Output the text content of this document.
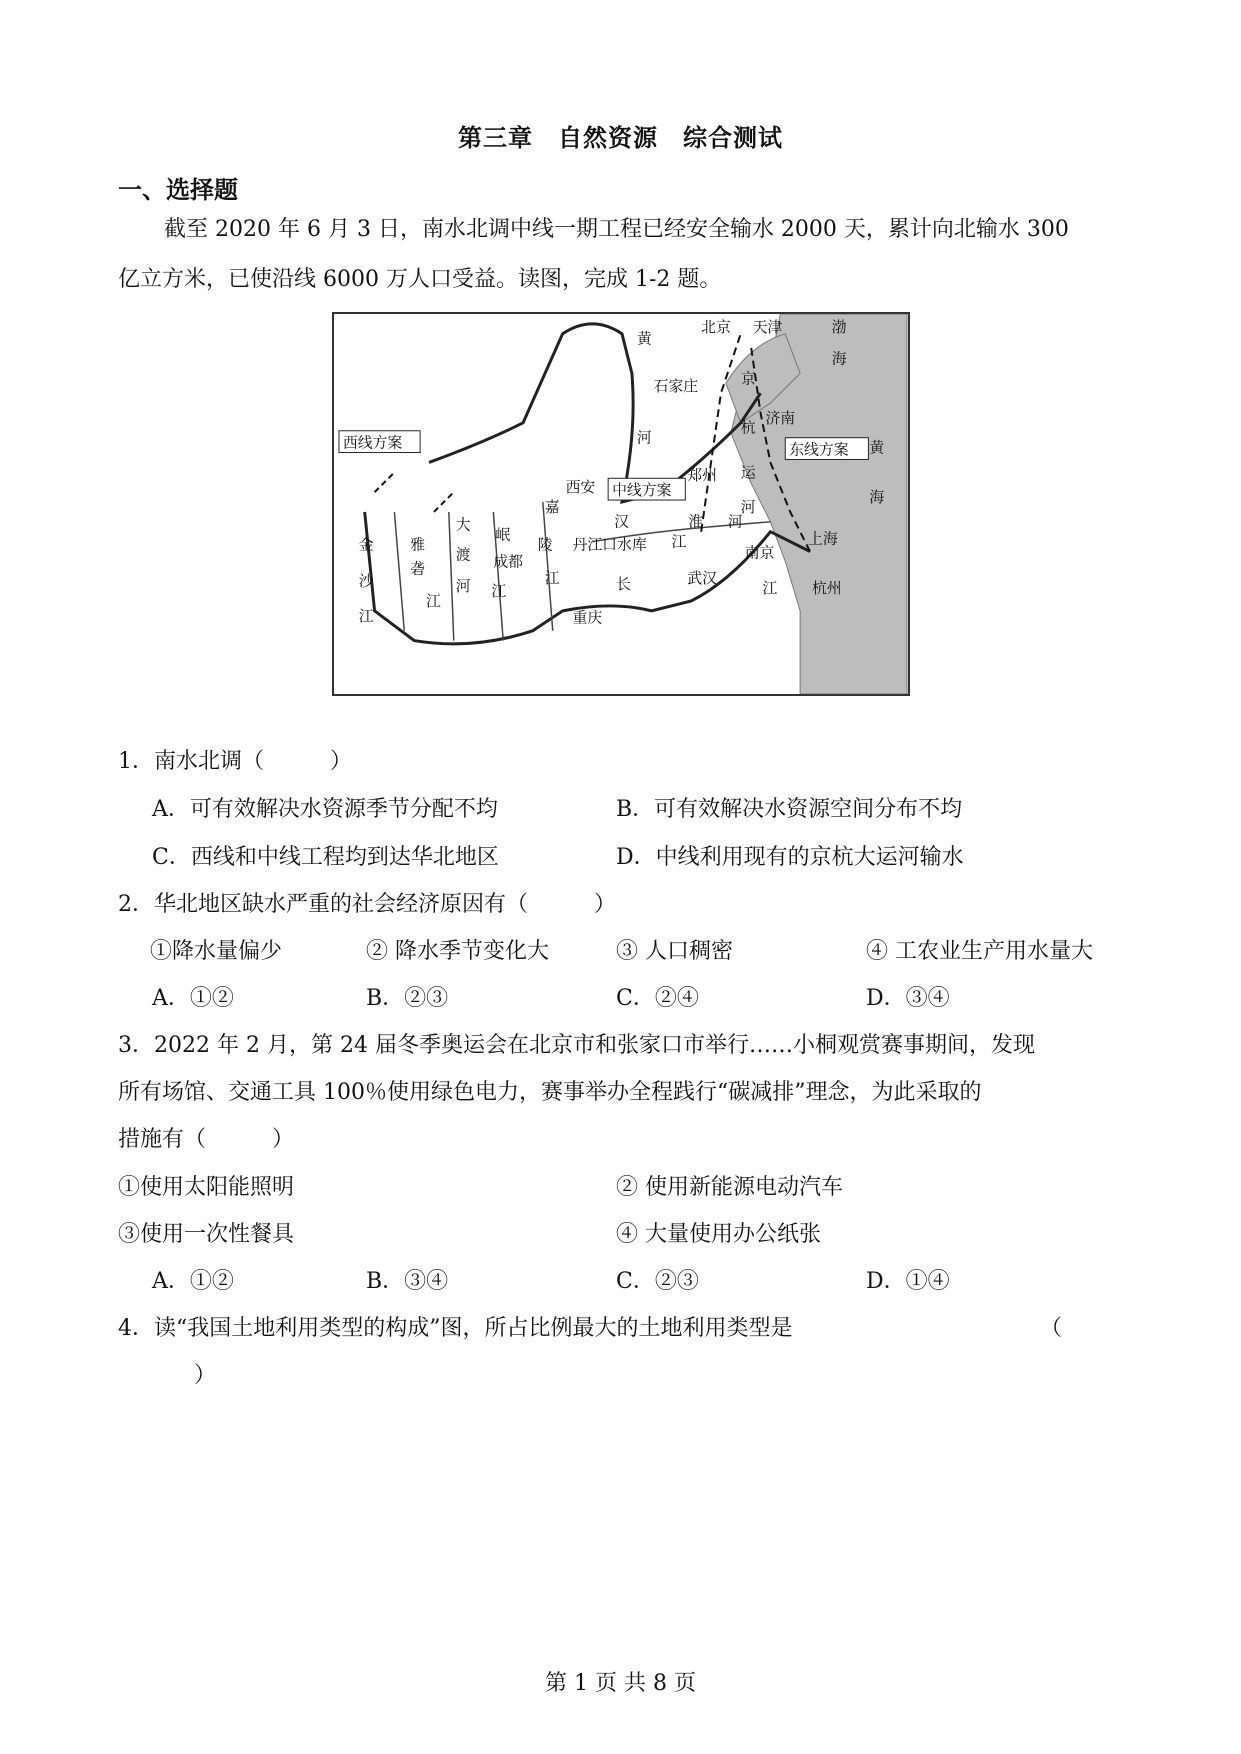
第三章　自然资源　综合测试
一、选择题
截至 2020 年 6 月 3 日，南水北调中线一期工程已经安全输水 2000 天，累计向北输水 300
亿立方米，已使沿线 6000 万人口受益。读图，完成 1-2 题。
北京 天津	渤
海
黄
河
京
杭
运
河
石家庄
济南
东线方案 黄
海
西线方案
西安 中线方案
郑州
汉	淮 河
嘉
岷
金
沙
江
雅
砻
江
大
渡
河
成都
江
陵
江
丹江口水库 江
南京
上海
武汉
长	江 杭州
重庆
1．南水北调（　　　）
A．可有效解决水资源季节分配不均	B．可有效解决水资源空间分布不均
C．西线和中线工程均到达华北地区	D．中线利用现有的京杭大运河输水
2．华北地区缺水严重的社会经济原因有（　　　）
①降水量偏少	② 降水季节变化大	③ 人口稠密	④ 工农业生产用水量大
A．①②	B．②③	C．②④	D．③④
3．2022 年 2 月，第 24 届冬季奥运会在北京市和张家口市举行……小桐观赏赛事期间，发现
所有场馆、交通工具 100％使用绿色电力，赛事举办全程践行“碳减排”理念，为此采取的
措施有（　　　）
①使用太阳能照明	② 使用新能源电动汽车
③使用一次性餐具	④ 大量使用办公纸张
A．①②	B．③④	C．②③	D．①④
4．读“我国土地利用类型的构成”图，所占比例最大的土地利用类型是	（
）
第 1 页 共 8 页
